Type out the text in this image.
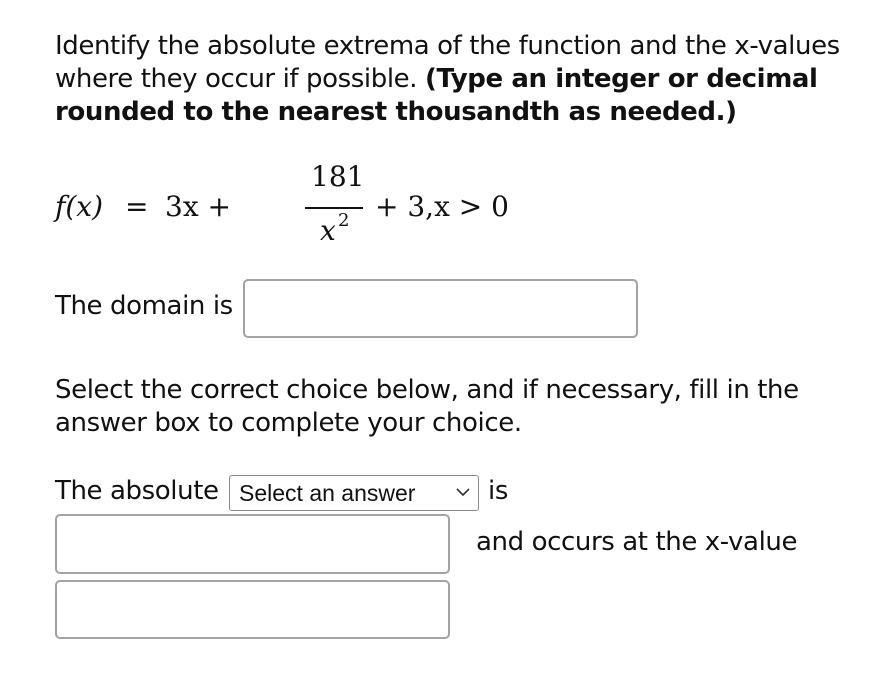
Identify the absolute extrema of the function and the x-values where they occur if possible. (Type an integer or decimal rounded to the nearest thousandth as needed.)
f(x) = 3x +
181
x 2 + 3,x > 0
The domain is
Select the correct choice below, and if necessary, fill in the answer box to complete your choice.
The absolute Select an answer	is
and occurs at the x-value
